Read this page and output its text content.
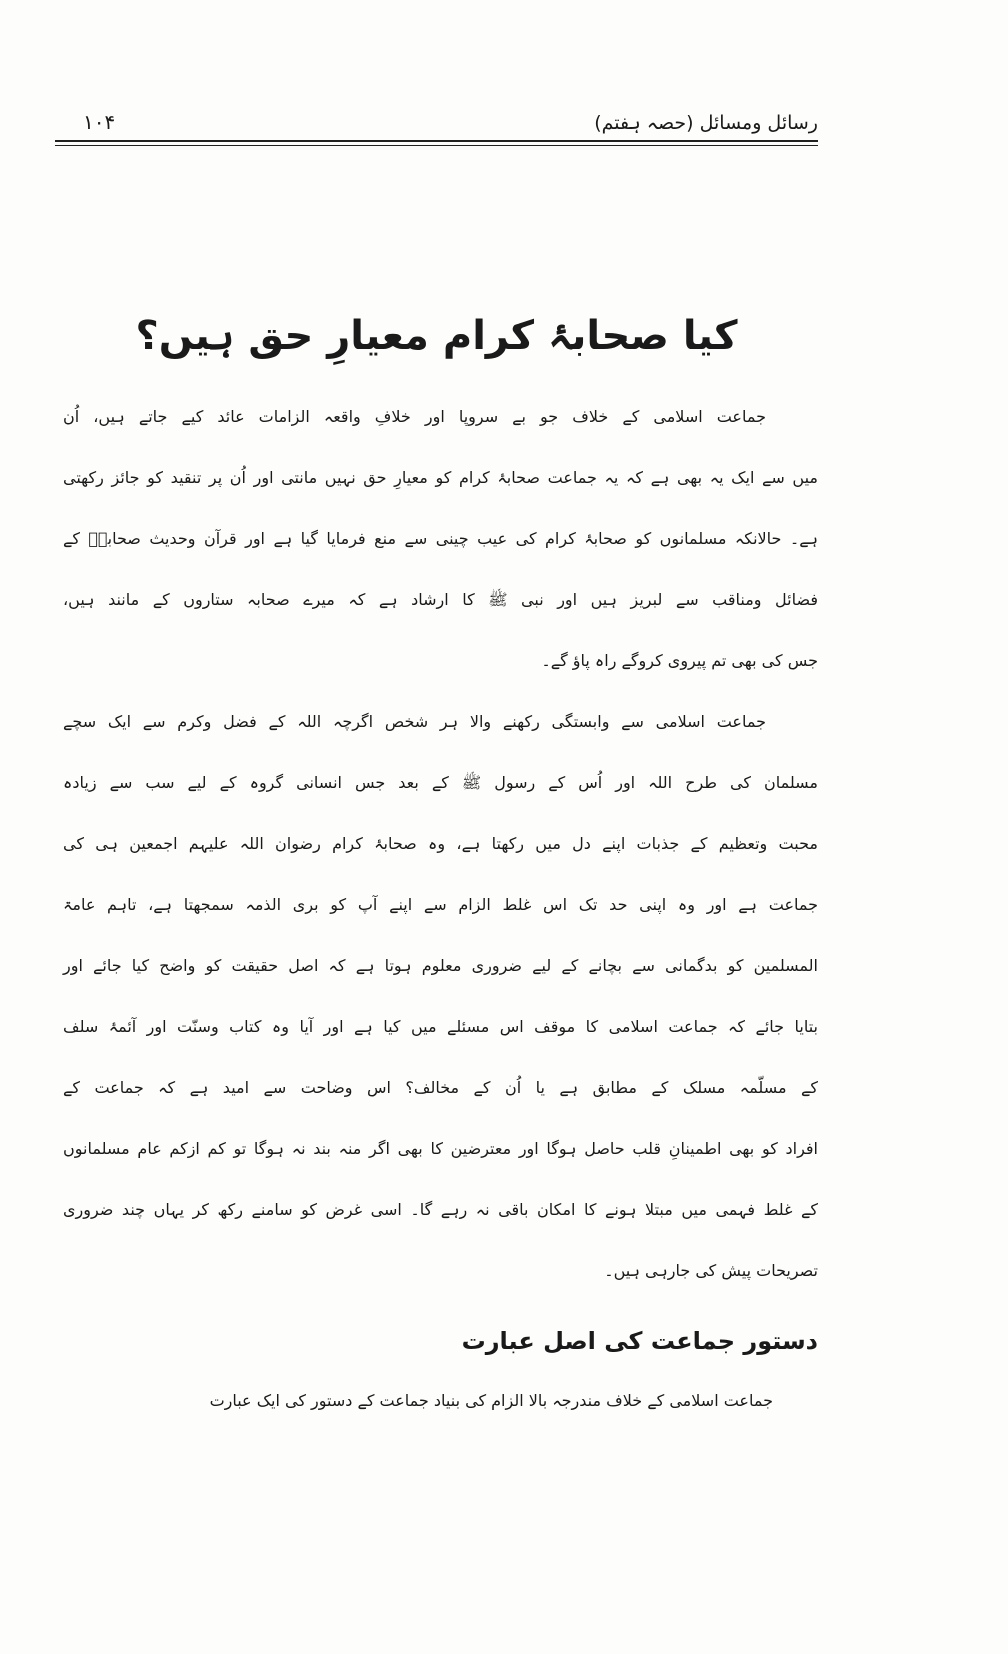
۱۰۴	رسائل ومسائل (حصہ ہفتم)
کیا صحابۂ کرام معیارِ حق ہیں؟
جماعت اسلامی کے خلاف جو بے سروپا اور خلافِ واقعہ الزامات عائد کیے جاتے ہیں، اُن
میں سے ایک یہ بھی ہے کہ یہ جماعت صحابۂ کرام کو معیارِ حق نہیں مانتی اور اُن پر تنقید کو جائز رکھتی
ہے۔ حالانکہ مسلمانوں کو صحابۂ کرام کی عیب چینی سے منع فرمایا گیا ہے اور قرآن وحدیث صحابہؓ کے
فضائل ومناقب سے لبریز ہیں اور نبی ﷺ کا ارشاد ہے کہ میرے صحابہ ستاروں کے مانند ہیں،
جس کی بھی تم پیروی کروگے راہ پاؤ گے۔
جماعت اسلامی سے وابستگی رکھنے والا ہر شخص اگرچہ اللہ کے فضل وکرم سے ایک سچے
مسلمان کی طرح اللہ اور اُس کے رسول ﷺ کے بعد جس انسانی گروہ کے لیے سب سے زیادہ
محبت وتعظیم کے جذبات اپنے دل میں رکھتا ہے، وہ صحابۂ کرام رضوان اللہ علیہم اجمعین ہی کی
جماعت ہے اور وہ اپنی حد تک اس غلط الزام سے اپنے آپ کو بری الذمہ سمجھتا ہے، تاہم عامۃ
المسلمین کو بدگمانی سے بچانے کے لیے ضروری معلوم ہوتا ہے کہ اصل حقیقت کو واضح کیا جائے اور
بتایا جائے کہ جماعت اسلامی کا موقف اس مسئلے میں کیا ہے اور آیا وہ کتاب وسنّت اور آئمۂ سلف
کے مسلّمہ مسلک کے مطابق ہے یا اُن کے مخالف؟ اس وضاحت سے امید ہے کہ جماعت کے
افراد کو بھی اطمینانِ قلب حاصل ہوگا اور معترضین کا بھی اگر منہ بند نہ ہوگا تو کم ازکم عام مسلمانوں
کے غلط فہمی میں مبتلا ہونے کا امکان باقی نہ رہے گا۔ اسی غرض کو سامنے رکھ کر یہاں چند ضروری
تصریحات پیش کی جارہی ہیں۔
دستور جماعت کی اصل عبارت
جماعت اسلامی کے خلاف مندرجہ بالا الزام کی بنیاد جماعت کے دستور کی ایک عبارت
